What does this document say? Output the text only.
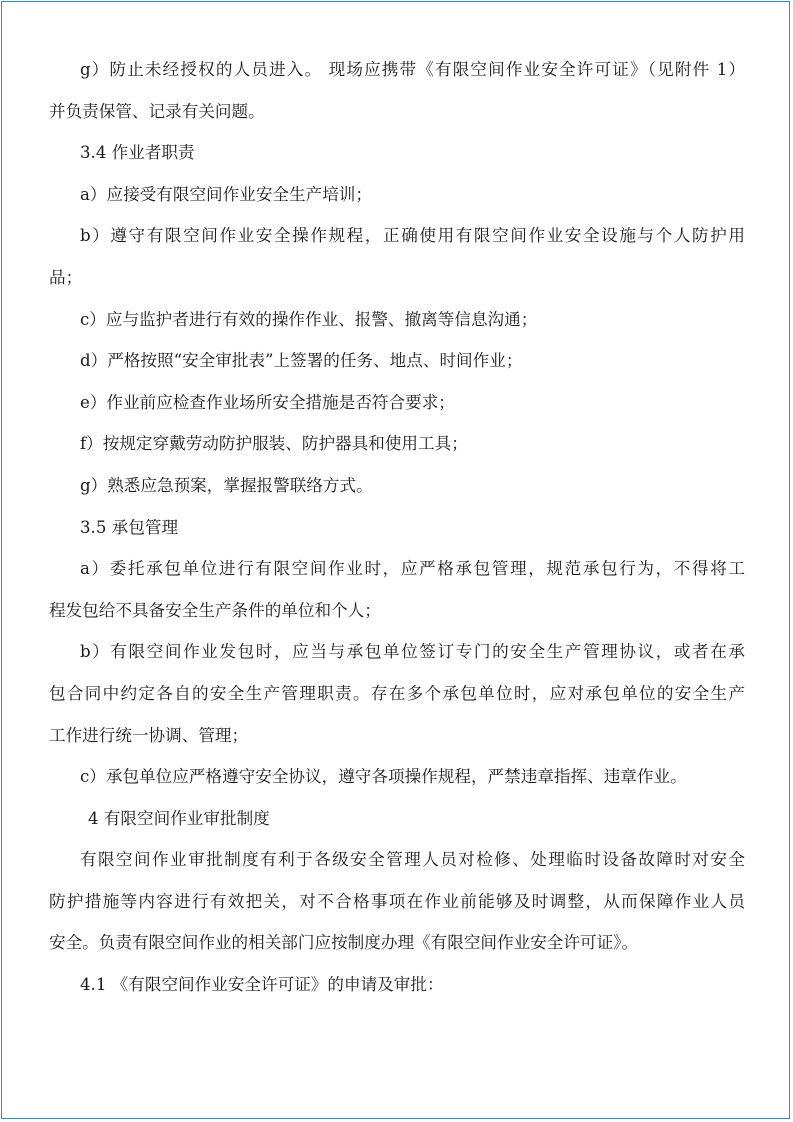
g）防止未经授权的人员进入。 现场应携带《有限空间作业安全许可证》（见附件 1）
并负责保管、记录有关问题。
3.4 作业者职责
a）应接受有限空间作业安全生产培训；
b）遵守有限空间作业安全操作规程，正确使用有限空间作业安全设施与个人防护用
品；
c）应与监护者进行有效的操作作业、报警、撤离等信息沟通；
d）严格按照“安全审批表”上签署的任务、地点、时间作业；
e）作业前应检查作业场所安全措施是否符合要求；
f）按规定穿戴劳动防护服装、防护器具和使用工具；
g）熟悉应急预案，掌握报警联络方式。
3.5 承包管理
a）委托承包单位进行有限空间作业时，应严格承包管理，规范承包行为，不得将工
程发包给不具备安全生产条件的单位和个人；
b）有限空间作业发包时，应当与承包单位签订专门的安全生产管理协议，或者在承
包合同中约定各自的安全生产管理职责。存在多个承包单位时，应对承包单位的安全生产
工作进行统一协调、管理；
c）承包单位应严格遵守安全协议，遵守各项操作规程，严禁违章指挥、违章作业。
4 有限空间作业审批制度
有限空间作业审批制度有利于各级安全管理人员对检修、处理临时设备故障时对安全
防护措施等内容进行有效把关，对不合格事项在作业前能够及时调整，从而保障作业人员
安全。负责有限空间作业的相关部门应按制度办理《有限空间作业安全许可证》。
4.1 《有限空间作业安全许可证》的申请及审批：
